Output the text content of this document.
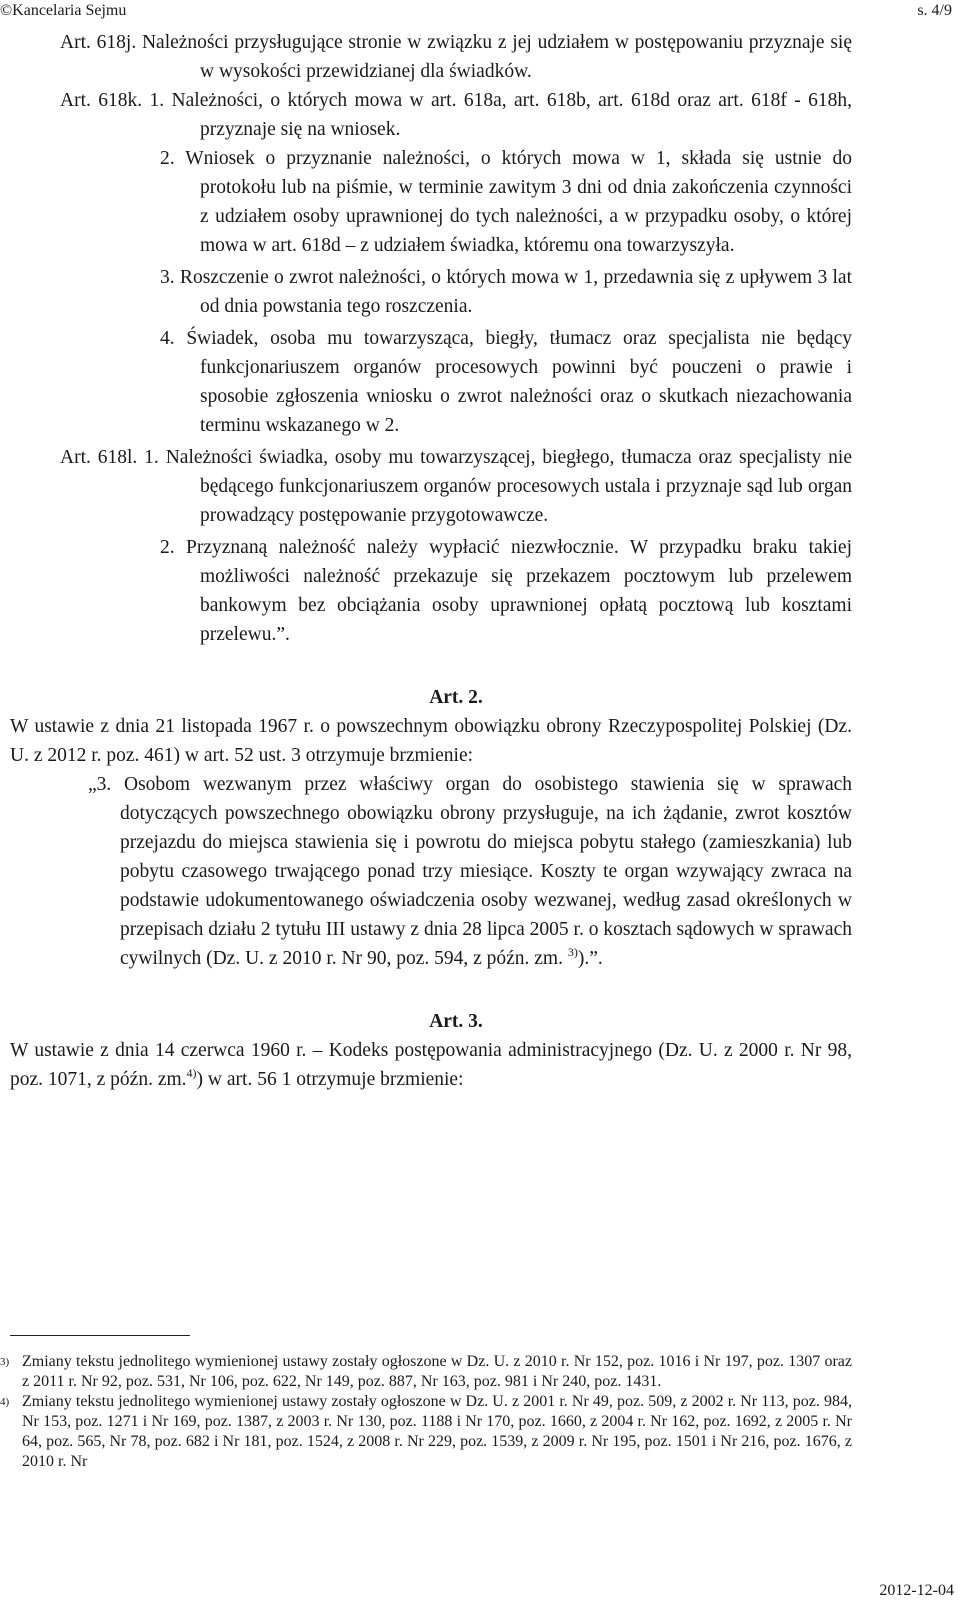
©Kancelaria Sejmu	s. 4/9

Art. 618j. Należności przysługujące stronie w związku z jej udziałem w postępowaniu przyznaje się w wysokości przewidzianej dla świadków.

Art. 618k. 1. Należności, o których mowa w art. 618a, art. 618b, art. 618d oraz art. 618f - 618h, przyznaje się na wniosek.

2. Wniosek o przyznanie należności, o których mowa w 1, składa się ustnie do protokołu lub na piśmie, w terminie zawitym 3 dni od dnia zakończenia czynności z udziałem osoby uprawnionej do tych należności, a w przypadku osoby, o której mowa w art. 618d – z udziałem świadka, któremu ona towarzyszyła.

3. Roszczenie o zwrot należności, o których mowa w 1, przedawnia się z upływem 3 lat od dnia powstania tego roszczenia.

4. Świadek, osoba mu towarzysząca, biegły, tłumacz oraz specjalista nie będący funkcjonariuszem organów procesowych powinni być pouczeni o prawie i sposobie zgłoszenia wniosku o zwrot należności oraz o skutkach niezachowania terminu wskazanego w 2.

Art. 618l. 1. Należności świadka, osoby mu towarzyszącej, biegłego, tłumacza oraz specjalisty nie będącego funkcjonariuszem organów procesowych ustala i przyznaje sąd lub organ prowadzący postępowanie przygotowawcze.

2. Przyznaną należność należy wypłacić niezwłocznie. W przypadku braku takiej możliwości należność przekazuje się przekazem pocztowym lub przelewem bankowym bez obciążania osoby uprawnionej opłatą pocztową lub kosztami przelewu.”.

Art. 2.

W ustawie z dnia 21 listopada 1967 r. o powszechnym obowiązku obrony Rzeczypospolitej Polskiej (Dz. U. z 2012 r. poz. 461) w art. 52 ust. 3 otrzymuje brzmienie:

„3. Osobom wezwanym przez właściwy organ do osobistego stawienia się w sprawach dotyczących powszechnego obowiązku obrony przysługuje, na ich żądanie, zwrot kosztów przejazdu do miejsca stawienia się i powrotu do miejsca pobytu stałego (zamieszkania) lub pobytu czasowego trwającego ponad trzy miesiące. Koszty te organ wzywający zwraca na podstawie udokumentowanego oświadczenia osoby wezwanej, według zasad określonych w przepisach działu 2 tytułu III ustawy z dnia 28 lipca 2005 r. o kosztach sądowych w sprawach cywilnych (Dz. U. z 2010 r. Nr 90, poz. 594, z późn. zm. $^{3)}$).”.

Art. 3.

W ustawie z dnia 14 czerwca 1960 r. – Kodeks postępowania administracyjnego (Dz. U. z 2000 r. Nr 98, poz. 1071, z późn. zm.$^{4)}$) w art. 56 1 otrzymuje brzmienie:

3) Zmiany tekstu jednolitego wymienionej ustawy zostały ogłoszone w Dz. U. z 2010 r. Nr 152, poz. 1016 i Nr 197, poz. 1307 oraz z 2011 r. Nr 92, poz. 531, Nr 106, poz. 622, Nr 149, poz. 887, Nr 163, poz. 981 i Nr 240, poz. 1431.

4) Zmiany tekstu jednolitego wymienionej ustawy zostały ogłoszone w Dz. U. z 2001 r. Nr 49, poz. 509, z 2002 r. Nr 113, poz. 984, Nr 153, poz. 1271 i Nr 169, poz. 1387, z 2003 r. Nr 130, poz. 1188 i Nr 170, poz. 1660, z 2004 r. Nr 162, poz. 1692, z 2005 r. Nr 64, poz. 565, Nr 78, poz. 682 i Nr 181, poz. 1524, z 2008 r. Nr 229, poz. 1539, z 2009 r. Nr 195, poz. 1501 i Nr 216, poz. 1676, z 2010 r. Nr

2012-12-04
